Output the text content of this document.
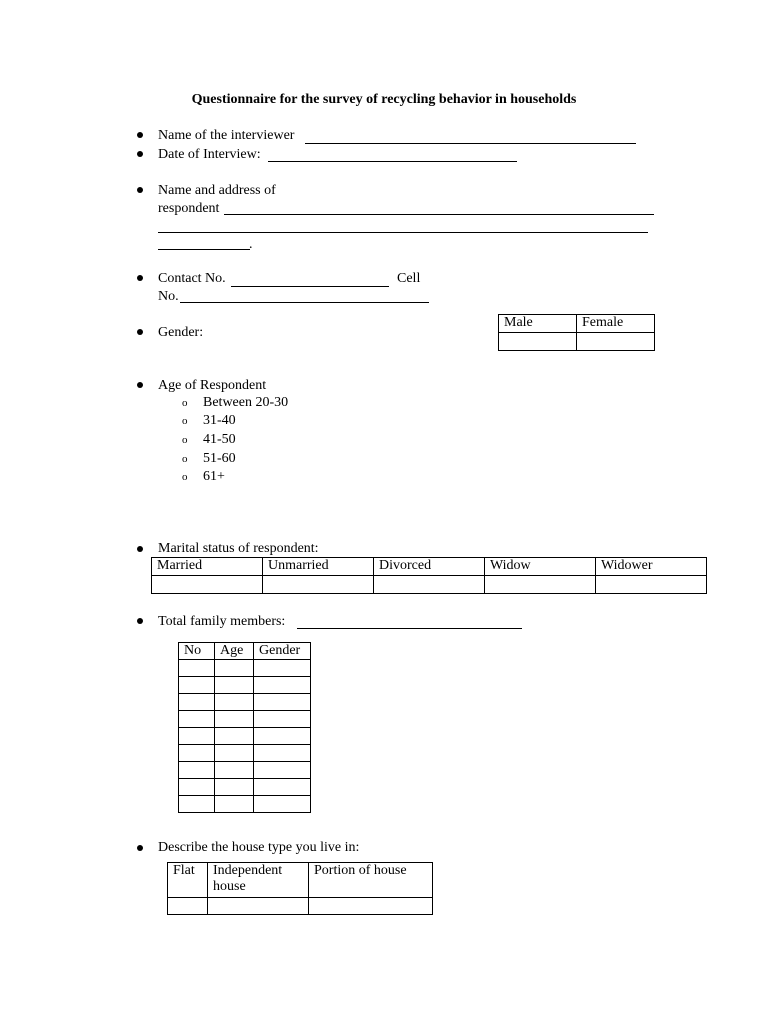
Questionnaire for the survey of recycling behavior in households
Name of the interviewer
Date of Interview:
Name and address of
respondent
.
Contact No.	Cell
No.
Gender:
Male	Female

Age of Respondent
o Between 20-30
o 31-40
o 41-50
o 51-60
o 61+
Marital status of respondent:
Married	Unmarried	Divorced	Widow	Widower

Total family members:
No	Age	Gender

Describe the house type you live in:
Flat	Independent house	Portion of house
